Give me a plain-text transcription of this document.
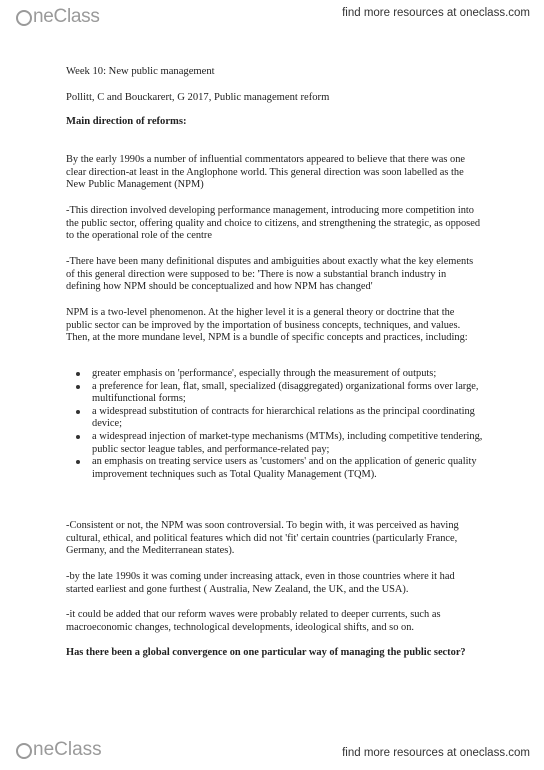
neClass	find more resources at oneclass.com

Week 10: New public management

Pollitt, C and Bouckarert, G 2017, Public management reform

Main direction of reforms:

By the early 1990s a number of influential commentators appeared to believe that there was one clear direction-at least in the Anglophone world. This general direction was soon labelled as the New Public Management (NPM)

-This direction involved developing performance management, introducing more competition into the public sector, offering quality and choice to citizens, and strengthening the strategic, as opposed to the operational role of the centre

-There have been many definitional disputes and ambiguities about exactly what the key elements of this general direction were supposed to be: 'There is now a substantial branch industry in defining how NPM should be conceptualized and how NPM has changed'

NPM is a two-level phenomenon. At the higher level it is a general theory or doctrine that the public sector can be improved by the importation of business concepts, techniques, and values. Then, at the more mundane level, NPM is a bundle of specific concepts and practices, including:

greater emphasis on 'performance', especially through the measurement of outputs;
a preference for lean, flat, small, specialized (disaggregated) organizational forms over large, multifunctional forms;
a widespread substitution of contracts for hierarchical relations as the principal coordinating device;
a widespread injection of market-type mechanisms (MTMs), including competitive tendering, public sector league tables, and performance-related pay;
an emphasis on treating service users as 'customers' and on the application of generic quality improvement techniques such as Total Quality Management (TQM).

-Consistent or not, the NPM was soon controversial. To begin with, it was perceived as having cultural, ethical, and political features which did not 'fit' certain countries (particularly France, Germany, and the Mediterranean states).

-by the late 1990s it was coming under increasing attack, even in those countries where it had started earliest and gone furthest ( Australia, New Zealand, the UK, and the USA).

-it could be added that our reform waves were probably related to deeper currents, such as macroeconomic changes, technological developments, ideological shifts, and so on.

Has there been a global convergence on one particular way of managing the public sector?

neClass	find more resources at oneclass.com
